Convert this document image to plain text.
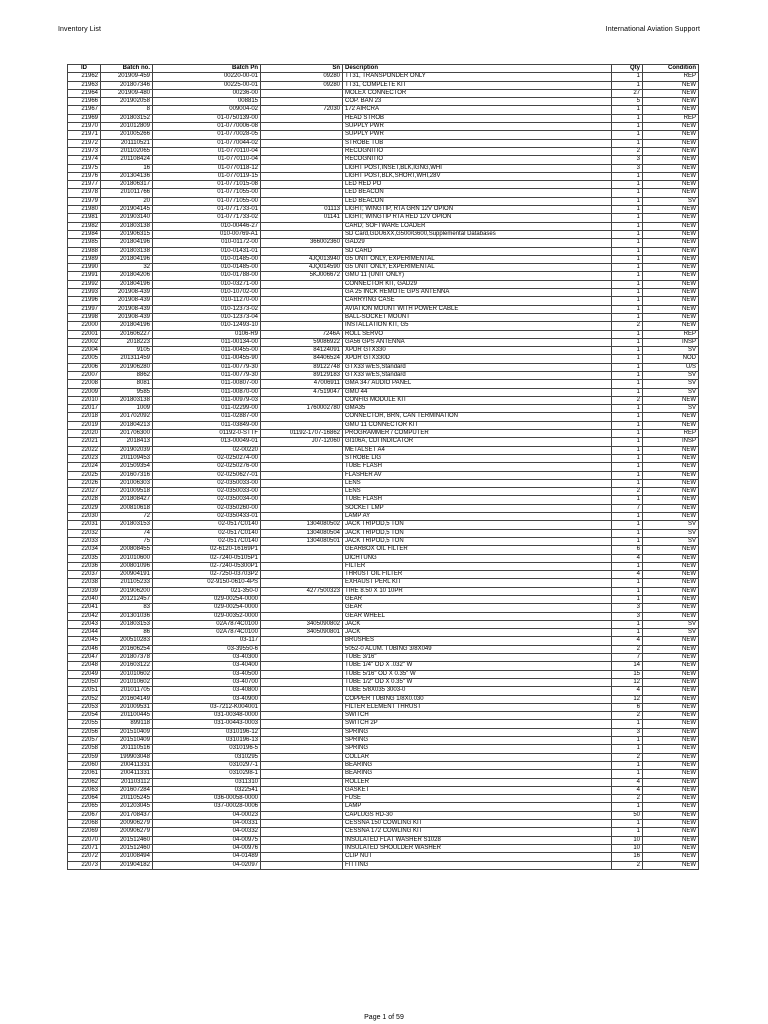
Inventory List	International Aviation Support
ID	Batch no.	Batch Pn	Sn	Description	Qty	Condition
21962	201909-459	00220-00-01	09280	TT31, TRANSPONDER ONLY	1	REP
21963	201807346	00225-00-01	09280	TT31, COMPLETE KIT	1	NEW
21964	201909-480	00236-00		MOLEX CONNECTOR	27	NEW
21966	201902058	008815		COP. BAN 23	5	NEW
21967	8	009004-02	72030	172 AIRCRA	1	NEW
21969	201803152	01-0750139-00		HEAD STROB	1	REP
21970	201012809	01-0770006-08		SUPPLY PWR	1	NEW
21971	201005266	01-0770028-05		SUPPLY PWR	1	NEW
21972	201110521	01-0770044-02		STROBE TUB	1	NEW
21973	201102065	01-0770110-04		RECOGNITIO	2	NEW
21974	201108424	01-0770110-04		RECOGNITIO	3	NEW
21975	16	01-0770118-12		LIGHT POST,INSET,BLK,IGNG,WHI	3	NEW
21976	201304136	01-0770119-15		LIGHT POST,BLK,SHORT,WHI,28V	1	NEW
21977	201806317	01-0771015-08		LED RED PO	1	NEW
21978	201011766	01-0771055-00		LED BEACON	1	NEW
21979	20	01-0771055-00		LED BEACON	1	SV
21980	201904145	01-0771733-01	01113	LIGHT; WINGTIP, RTA GRN 12V OPION	1	NEW
21981	201903140	01-0771733-02	01141	LIGHT; WINGTIP RTA RED 12V OPION	1	NEW
21982	201803138	010-00446-27		CARD; SOFTWARE LOADER	1	NEW
21984	201906315	010-00769-A1		SD Card,GDU6XX,G500/G600,Supplemental Databases	1	NEW
21985	201804196	010-01172-00	366002360	GAD29	1	NEW
21988	201803138	010-01431-01		SD CARD	1	NEW
21989	201804196	010-01485-00	4JQ013940	G5 UNIT ONLY, EXPERIMENTAL	1	NEW
21990	32	010-01485-00	4JQ014590	G5 UNIT ONLY, EXPERIMENTAL	1	NEW
21991	201804206	010-01788-00	5KJ006672	GMU 11 (UNIT ONLY)	1	NEW
21992	201804196	010-03271-00		CONNECTOR KIT, GAD29	1	NEW
21993	201908-439	010-10702-00		GA 25 INCK REMOTE GPS ANTENNA	1	NEW
21996	201908-439	010-11270-00		CARRYING CASE	1	NEW
21997	201908-439	010-12373-02		AVIATION MOUNT WITH POWER CABLE	1	NEW
21998	201908-439	010-12373-04		BALL-SOCKET MOUNT	1	NEW
22000	201804196	010-12493-10		INSTALLATION KIT, G5	2	NEW
22001	201606227	0106-R9	7246A	ROLL SERVO	1	REP
22002	2018223	011-00134-00	59086922	GA56 GPS ANTENNA	1	INSP
22004	9105	011-00455-00	84124091	XPDR GTX330	1	SV
22005	201311459	011-00455-90	84406524	XPDR GTX330D	1	NOD
22006	201906280	011-00779-30	89122748	GTX33 w/ES,Standard	1	U/S
22007	8862	011-00779-30	89129183	GTX33 w/ES,Standard	1	SV
22008	8081	011-00807-00	47006911	GMA 347 AUDIO PANEL	1	SV
22009	9585	011-00870-00	47519047	GMU 44	1	SV
22010	201803138	011-00979-03		CONFIG MODULE KIT	2	NEW
22017	1009	011-02299-00	1760002780	GMA35	1	SV
22018	201702092	011-02887-00		CONNECTOR, BRN, CAN TERMINATION	1	NEW
22019	201804213	011-03849-00		GMU 11 CONNECTOR KIT	1	NEW
22020	201706300	01192-0-STTF	01192-1707-16862	PROGRAMMER / COMPUTER	1	REP
22021	2018413	013-00049-01	J07-12060	GI106A, CDI INDICATOR	1	INSP
22022	201902039	02-00220		METALSET A4	1	NEW
22023	201109453	02-0250274-00		STROBE LIG	1	NEW
22024	201509354	02-0250276-00		TUBE FLASH	1	NEW
22025	201607316	02-0250627-01		FLASHER AV	1	NEW
22026	201006303	02-0350033-00		LENS	1	NEW
22027	201009518	02-0350033-00		LENS	2	NEW
22028	201808427	02-0350034-00		TUBE FLASH	1	NEW
22029	200810618	02-0350260-00		SOCKET LMP	7	NEW
22030	72	02-0350433-01		LAMP AY	1	NEW
22031	201803153	02-0517C0140	1304080502	JACK TRIPOD,5 TON	1	SV
22032	74	02-0517C0140	1304080504	JACK TRIPOD,5 TON	1	SV
22033	75	02-0517C0140	1304080501	JACK TRIPOD,5 TON	1	SV
22034	200808455	02-6120-16169P1		GEARBOX OIL FILTER	6	NEW
22035	201010600	02-7240-05105P1		DICHTUNG	4	NEW
22036	200801096	02-7240-05300P1		FILTER	1	NEW
22037	200904191	02-7250-03703P2		THRUST OIL FILTER	4	NEW
22038	201105233	02-9150-0610-4PS		EXHAUST PERL KIT	1	NEW
22039	201906200	021-350-0	4277500323	TIRE 8.50 X 10 10PR	1	NEW
22040	201212457	029-00254-0000		GEAR	1	NEW
22041	83	029-00254-0000		GEAR	3	NEW
22042	201301036	029-00352-0000		GEAR WHEEL	3	NEW
22043	201803153	02A7874C0100	3405090802	JACK	1	SV
22044	86	02A7874C0100	3405090801	JACK	1	SV
22045	200510283	03-117		BRUSHES	4	NEW
22046	201606254	03-39550-6		5052-0 ALUM. TUBING 3/8X049	2	NEW
22047	201807378	03-40300		TUBE 3/16"	7	NEW
22048	201603122	03-40400		TUBE 1/4" OD X .032" W	14	NEW
22049	201010602	03-40500		TUBE 5/16" OD X 0.35" W	15	NEW
22050	201010602	03-40700		TUBE 1/2" OD X 0.35" W	12	NEW
22051	201011705	03-40800		TUBE 5/8X035 3003-0	4	NEW
22052	201604149	03-40900		COPPER TUBING 1/8X0.030	12	NEW
22053	201009531	03-7212-K004001		FILTER ELEMENT THRUST	6	NEW
22054	201100445	031-00348-0000		SWITCH	2	NEW
22055	899118	031-00443-0003		SWITCH 2P	1	NEW
22056	201510409	0310196-12		SPRING	3	NEW
22057	201510409	0310196-13		SPRING	1	NEW
22058	201110516	0310196-5		SPRING	1	NEW
22059	199903048	0310295		COLLAR	2	NEW
22060	200411331	0310297-1		BEARING	1	NEW
22061	200411331	0310298-1		BEARING	1	NEW
22062	201103112	0311310		ROLLER	4	NEW
22063	201607284	0322541		GASKET	4	NEW
22064	201105245	036-00058-0000		FUSE	2	NEW
22065	201203045	037-00028-0006		LAMP	1	NEW
22067	201708437	04-00023		CAPLUGS RD-30	50	NEW
22068	200906279	04-00331		CESSNA 150 COWLING KIT	1	NEW
22069	200906279	04-00332		CESSNA 172 COWLING KIT	1	NEW
22070	201512460	04-00975		INSULATED FLAT WASHER S1028	10	NEW
22071	201512460	04-00976		INSULATED SHOULDER WASHER	10	NEW
22072	201008494	04-01489		CLIP NUT	16	NEW
22073	201904182	04-02097		FITTING	2	NEW
Page 1 of 59
